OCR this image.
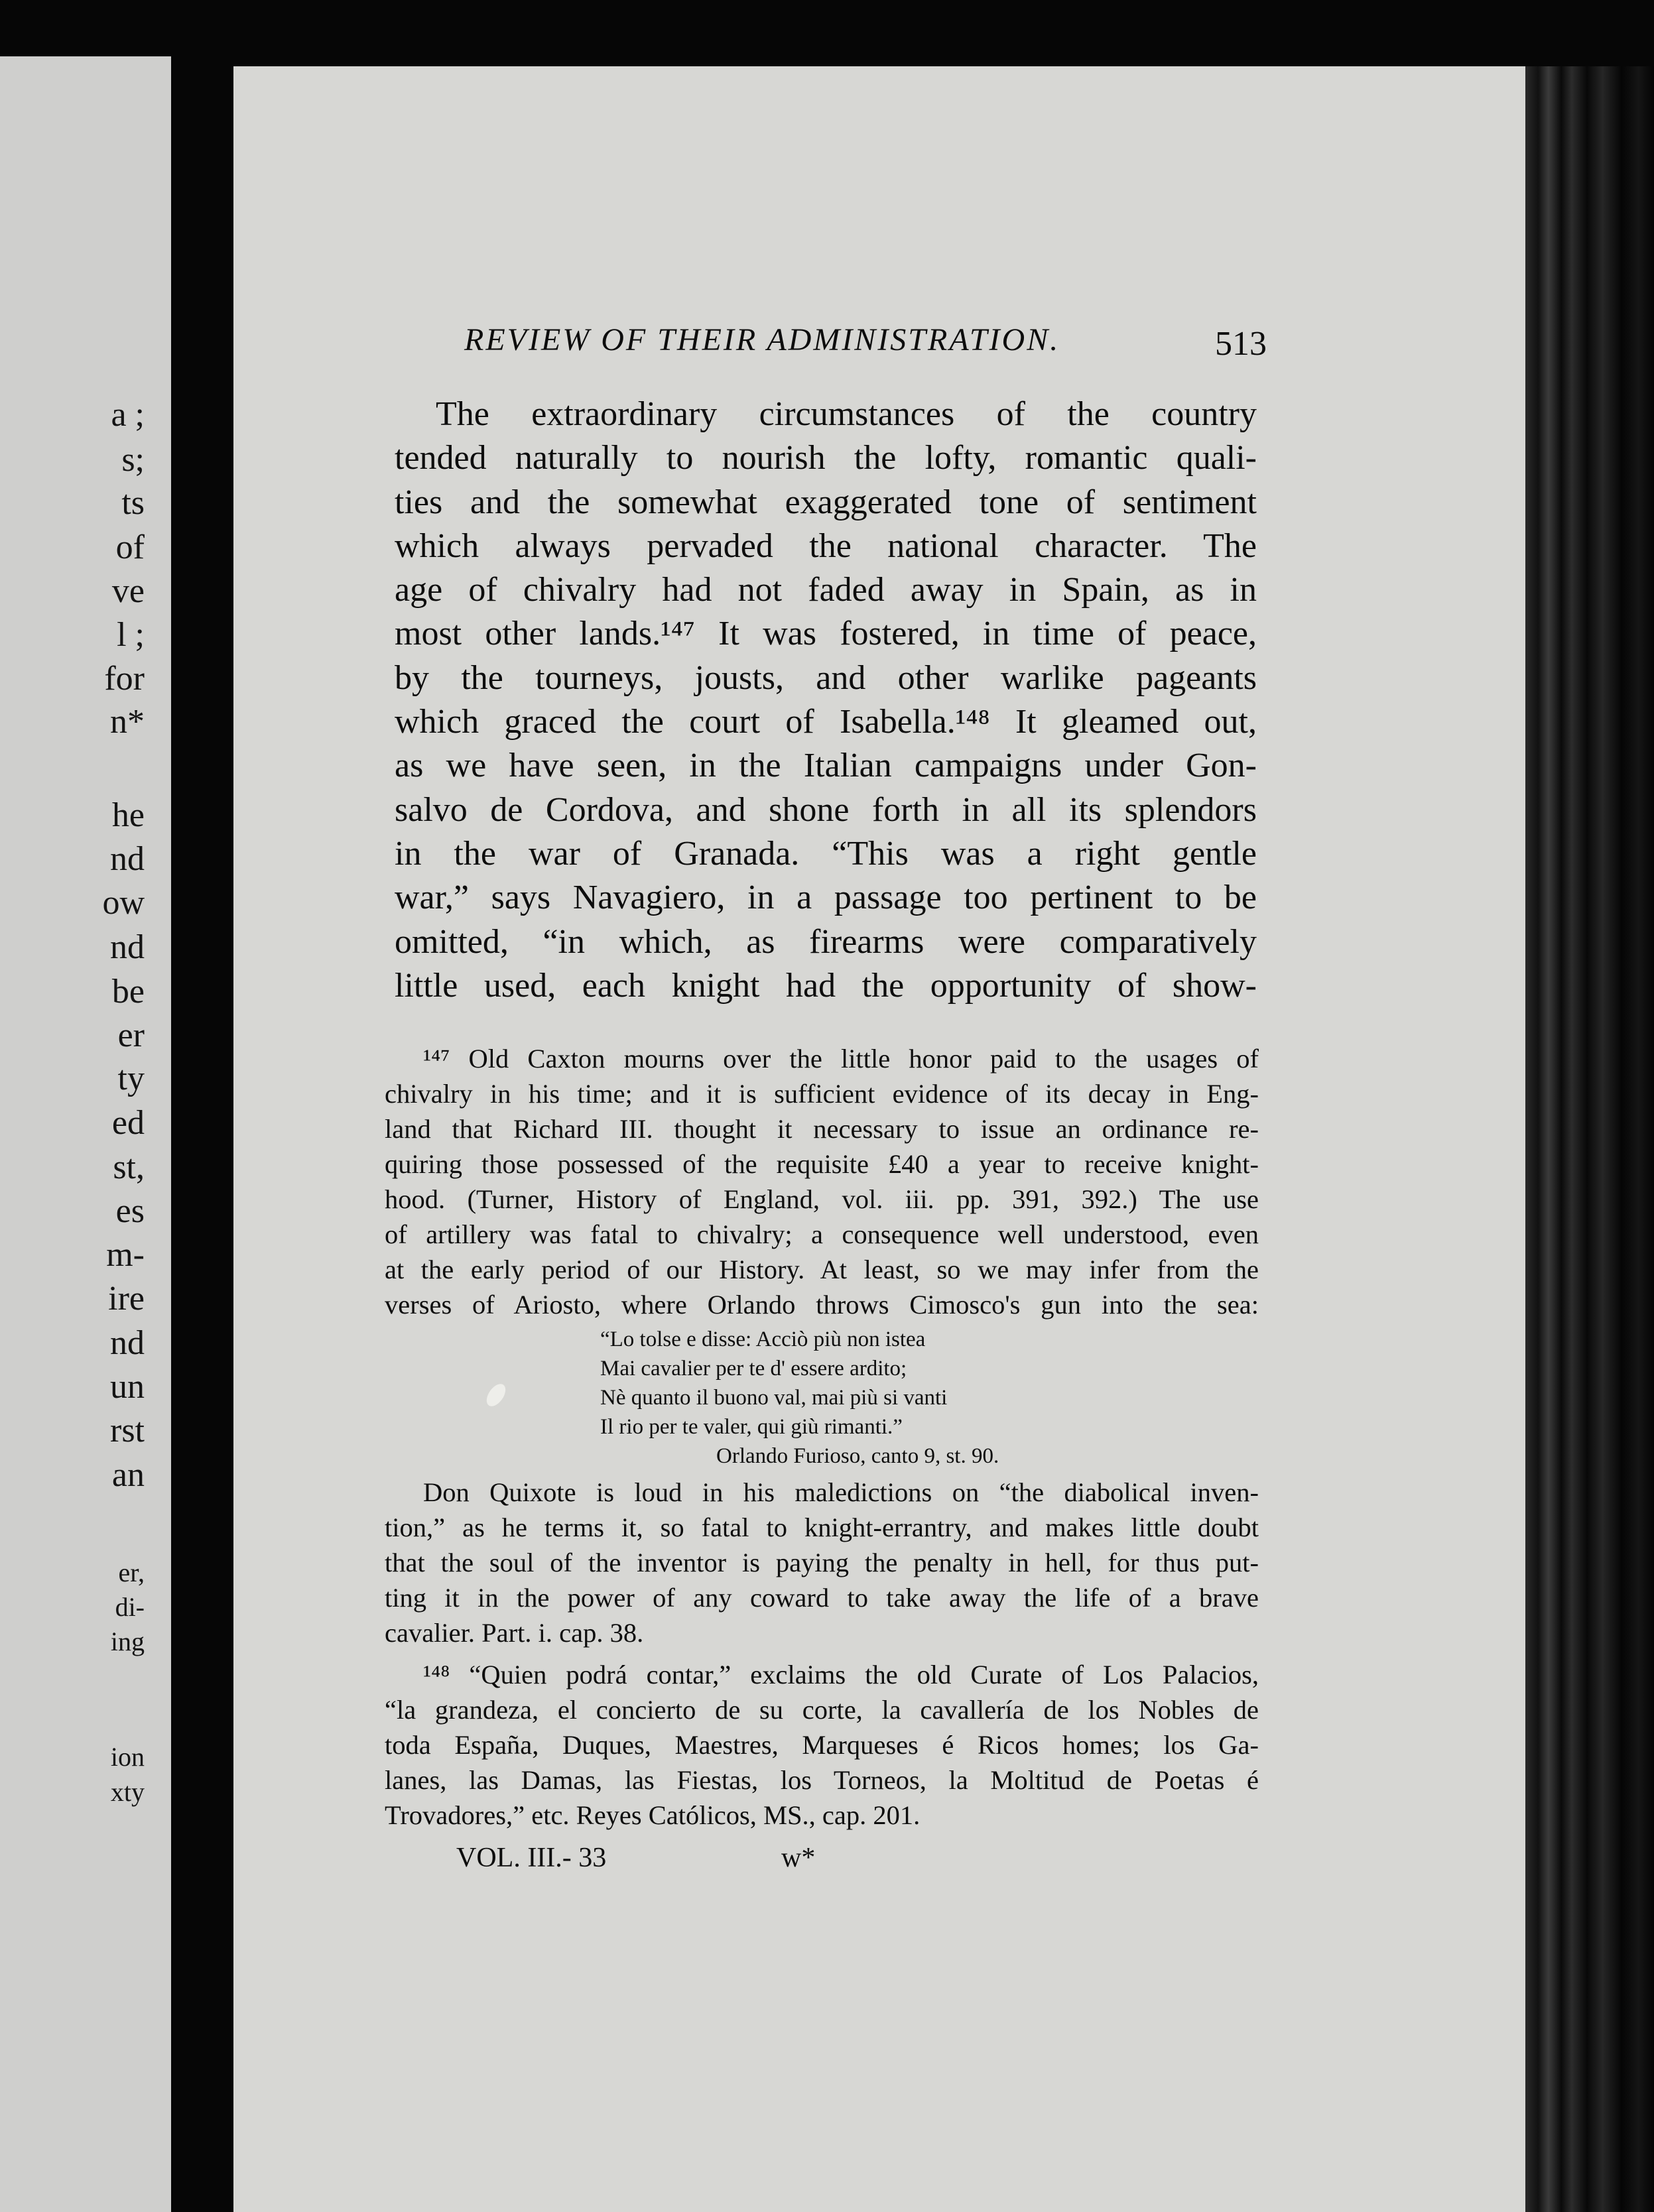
a ;
s;
ts
of
ve
l ;
for
n*
he
nd
ow
nd
be
er
ty
ed
st,
es
m-
ire
nd
un
rst
an
er,
di-
ing
ion
xty
REVIEW OF THEIR ADMINISTRATION.	513
The extraordinary circumstances of the country
tended naturally to nourish the lofty, romantic quali-
ties and the somewhat exaggerated tone of sentiment
which always pervaded the national character. The
age of chivalry had not faded away in Spain, as in
most other lands.¹⁴⁷ It was fostered, in time of peace,
by the tourneys, jousts, and other warlike pageants
which graced the court of Isabella.¹⁴⁸ It gleamed out,
as we have seen, in the Italian campaigns under Gon-
salvo de Cordova, and shone forth in all its splendors
in the war of Granada. “This was a right gentle
war,” says Navagiero, in a passage too pertinent to be
omitted, “in which, as firearms were comparatively
little used, each knight had the opportunity of show-
¹⁴⁷ Old Caxton mourns over the little honor paid to the usages of
chivalry in his time; and it is sufficient evidence of its decay in Eng-
land that Richard III. thought it necessary to issue an ordinance re-
quiring those possessed of the requisite £40 a year to receive knight-
hood. (Turner, History of England, vol. iii. pp. 391, 392.) The use
of artillery was fatal to chivalry; a consequence well understood, even
at the early period of our History. At least, so we may infer from the
verses of Ariosto, where Orlando throws Cimosco's gun into the sea:
“Lo tolse e disse: Acciò più non istea
Mai cavalier per te d' essere ardito;
Nè quanto il buono val, mai più si vanti
Il rio per te valer, qui giù rimanti.”
Orlando Furioso, canto 9, st. 90.
Don Quixote is loud in his maledictions on “the diabolical inven-
tion,” as he terms it, so fatal to knight-errantry, and makes little doubt
that the soul of the inventor is paying the penalty in hell, for thus put-
ting it in the power of any coward to take away the life of a brave
cavalier. Part. i. cap. 38.
¹⁴⁸ “Quien podrá contar,” exclaims the old Curate of Los Palacios,
“la grandeza, el concierto de su corte, la cavallería de los Nobles de
toda España, Duques, Maestres, Marqueses é Ricos homes; los Ga-
lanes, las Damas, las Fiestas, los Torneos, la Moltitud de Poetas é
Trovadores,” etc. Reyes Católicos, MS., cap. 201.
VOL. III.- 33	w*
